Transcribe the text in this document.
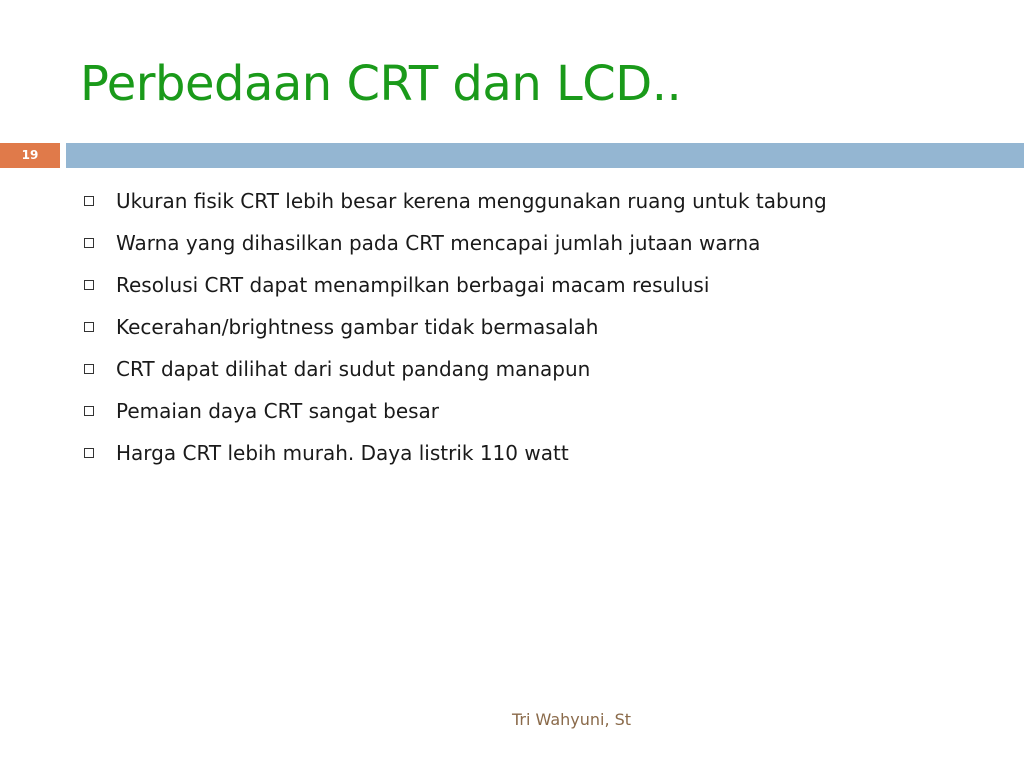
Perbedaan CRT dan LCD..
19
Ukuran fisik CRT lebih besar kerena menggunakan ruang untuk tabung
Warna yang dihasilkan pada CRT mencapai jumlah jutaan warna
Resolusi CRT dapat menampilkan berbagai macam resulusi
Kecerahan/brightness gambar tidak bermasalah
CRT dapat dilihat dari sudut pandang manapun
Pemaian daya CRT sangat besar
Harga CRT lebih murah. Daya listrik 110 watt
Tri Wahyuni, St
